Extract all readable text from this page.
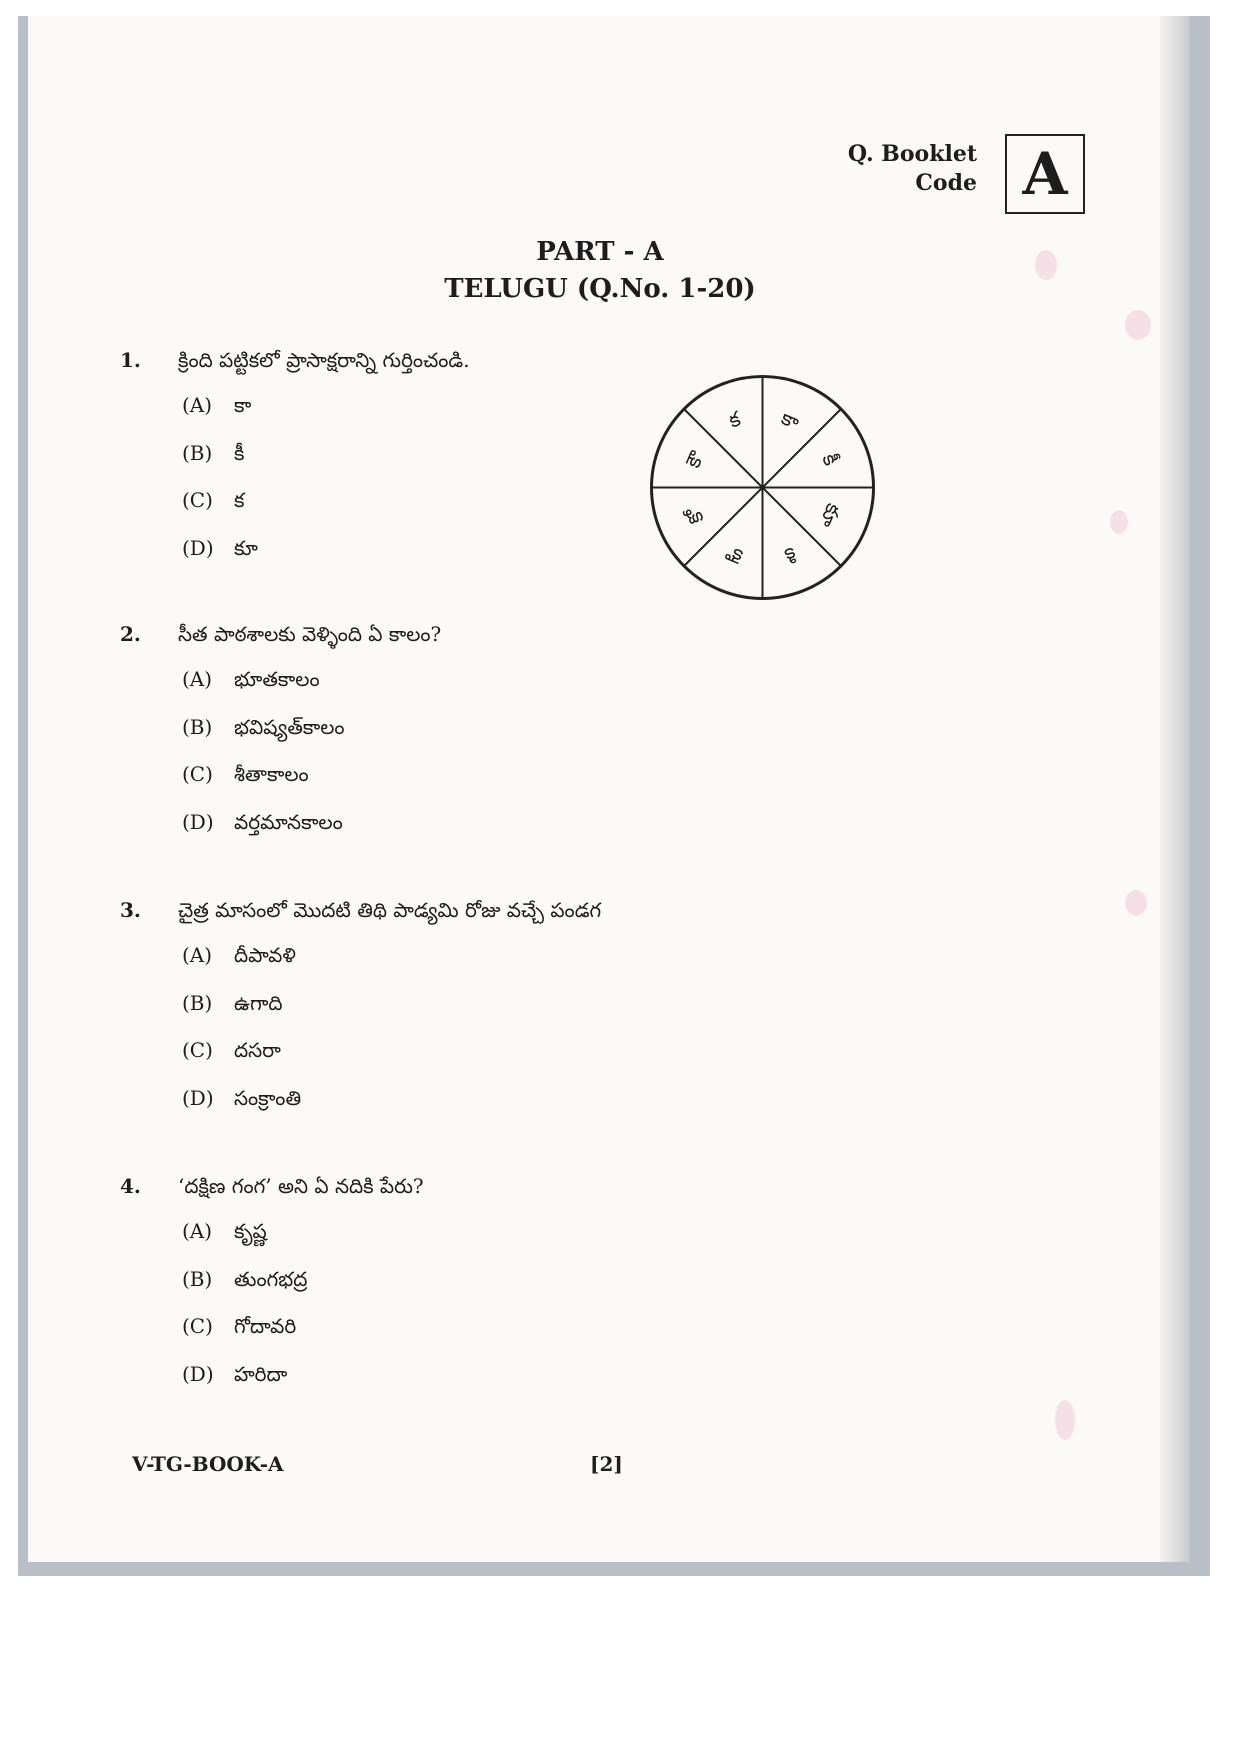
Q. Booklet
Code A
PART - A
TELUGU (Q.No. 1-20)
1. క్రింది పట్టికలో ప్రాసాక్షరాన్ని గుర్తించండి.
(A) కా
(B) కీ
(C) క
(D) కూ
క కా
కీ
కూ
కి
కౌ
కో
కౌ
2. సీత పాఠశాలకు వెళ్ళింది ఏ కాలం?
(A) భూతకాలం
(B) భవిష్యత్‌కాలం
(C) శీతాకాలం
(D) వర్తమానకాలం
3. చైత్ర మాసంలో మొదటి తిథి పాడ్యమి రోజు వచ్చే పండగ
(A) దీపావళి
(B) ఉగాది
(C) దసరా
(D) సంక్రాంతి
4. ‘దక్షిణ గంగ’ అని ఏ నదికి పేరు?
(A) కృష్ణ
(B) తుంగభద్ర
(C) గోదావరి
(D) హరిదా
V-TG-BOOK-A	[2]
